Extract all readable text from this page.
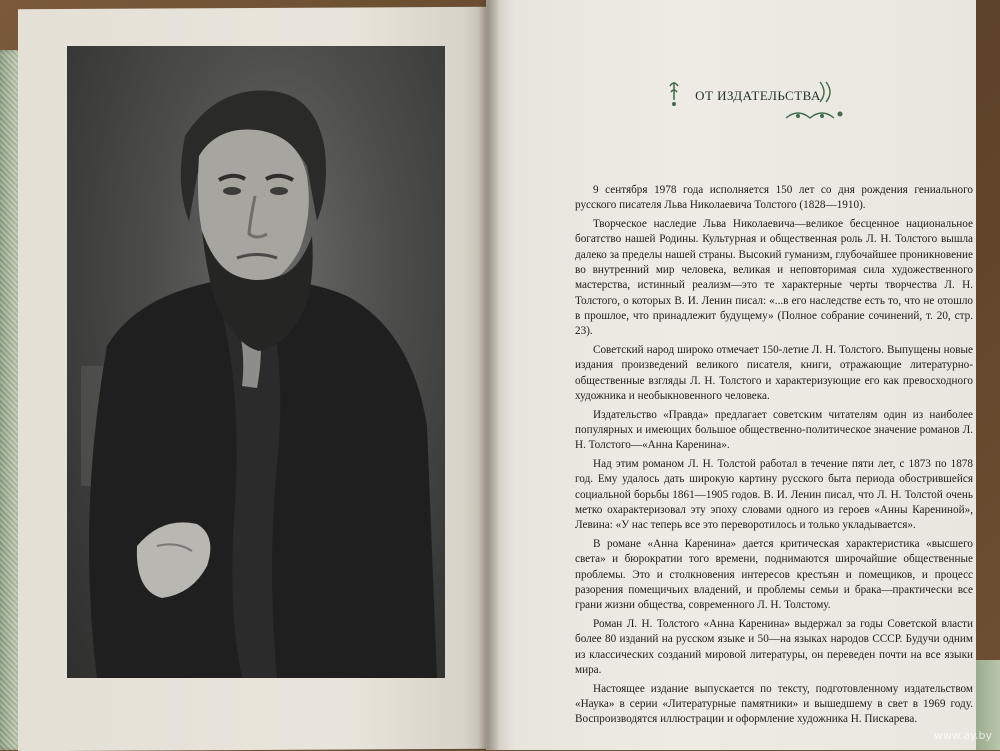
ОТ ИЗДАТЕЛЬСТВА

9 сентября 1978 года исполняется 150 лет со дня рождения гениального русского писателя Льва Николаевича Толстого (1828—1910).

Творческое наследие Льва Николаевича—великое бесценное национальное богатство нашей Родины. Культурная и общественная роль Л. Н. Толстого вышла далеко за пределы нашей страны. Высокий гуманизм, глубочайшее проникновение во внутренний мир человека, великая и неповторимая сила художественного мастерства, истинный реализм—это те характерные черты творчества Л. Н. Толстого, о которых В. И. Ленин писал: «...в его наследстве есть то, что не отошло в прошлое, что принадлежит будущему» (Полное собрание сочинений, т. 20, стр. 23).

Советский народ широко отмечает 150-летие Л. Н. Толстого. Выпущены новые издания произведений великого писателя, книги, отражающие литературно-общественные взгляды Л. Н. Толстого и характеризующие его как превосходного художника и необыкновенного человека.

Издательство «Правда» предлагает советским читателям один из наиболее популярных и имеющих большое общественно-политическое значение романов Л. Н. Толстого—«Анна Каренина».

Над этим романом Л. Н. Толстой работал в течение пяти лет, с 1873 по 1878 год. Ему удалось дать широкую картину русского быта периода обострившейся социальной борьбы 1861—1905 годов. В. И. Ленин писал, что Л. Н. Толстой очень метко охарактеризовал эту эпоху словами одного из героев «Анны Карениной», Левина: «У нас теперь все это переворотилось и только укладывается».

В романе «Анна Каренина» дается критическая характеристика «высшего света» и бюрократии того времени, поднимаются широчайшие общественные проблемы. Это и столкновения интересов крестьян и помещиков, и процесс разорения помещичьих владений, и проблемы семьи и брака—практически все грани жизни общества, современного Л. Н. Толстому.

Роман Л. Н. Толстого «Анна Каренина» выдержал за годы Советской власти более 80 изданий на русском языке и 50—на языках народов СССР. Будучи одним из классических созданий мировой литературы, он переведен почти на все языки мира.

Настоящее издание выпускается по тексту, подготовленному издательством «Наука» в серии «Литературные памятники» и вышедшему в свет в 1969 году. Воспроизводятся иллюстрации и оформление художника Н. Пискарева.

www.ay.by
